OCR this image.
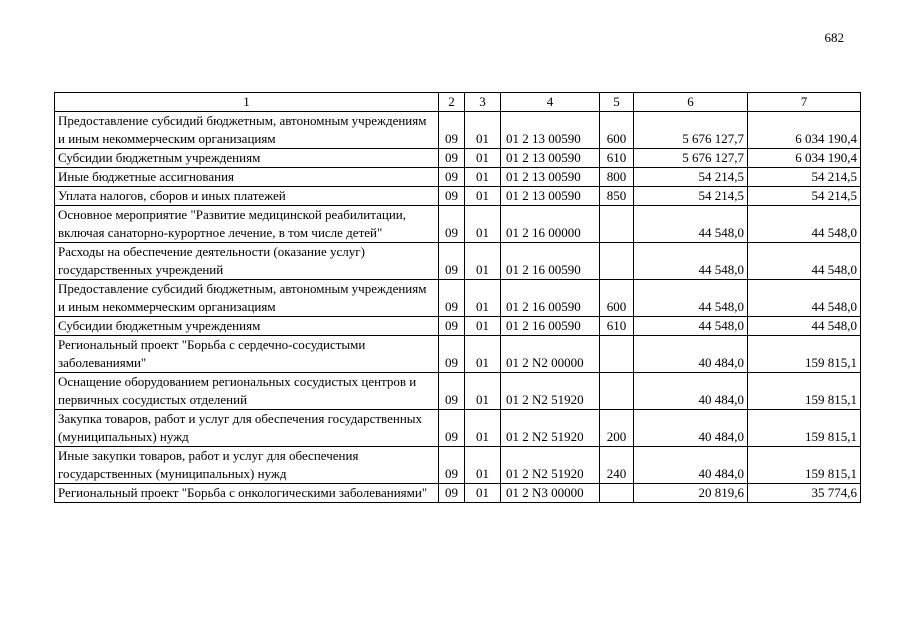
682
1	2	3	4	5	6	7
Предоставление субсидий бюджетным, автономным учреждениям и иным некоммерческим организациям	09	01	01 2 13 00590	600	5 676 127,7	6 034 190,4
Субсидии бюджетным учреждениям	09	01	01 2 13 00590	610	5 676 127,7	6 034 190,4
Иные бюджетные ассигнования	09	01	01 2 13 00590	800	54 214,5	54 214,5
Уплата налогов, сборов и иных платежей	09	01	01 2 13 00590	850	54 214,5	54 214,5
Основное мероприятие "Развитие медицинской реабилитации, включая санаторно-курортное лечение, в том числе детей"	09	01	01 2 16 00000		44 548,0	44 548,0
Расходы на обеспечение деятельности (оказание услуг) государственных учреждений	09	01	01 2 16 00590		44 548,0	44 548,0
Предоставление субсидий бюджетным, автономным учреждениям и иным некоммерческим организациям	09	01	01 2 16 00590	600	44 548,0	44 548,0
Субсидии бюджетным учреждениям	09	01	01 2 16 00590	610	44 548,0	44 548,0
Региональный проект "Борьба с сердечно-сосудистыми заболеваниями"	09	01	01 2 N2 00000		40 484,0	159 815,1
Оснащение оборудованием региональных сосудистых центров и первичных сосудистых отделений	09	01	01 2 N2 51920		40 484,0	159 815,1
Закупка товаров, работ и услуг для обеспечения государственных (муниципальных) нужд	09	01	01 2 N2 51920	200	40 484,0	159 815,1
Иные закупки товаров, работ и услуг для обеспечения государственных (муниципальных) нужд	09	01	01 2 N2 51920	240	40 484,0	159 815,1
Региональный проект "Борьба с онкологическими заболеваниями"	09	01	01 2 N3 00000		20 819,6	35 774,6
